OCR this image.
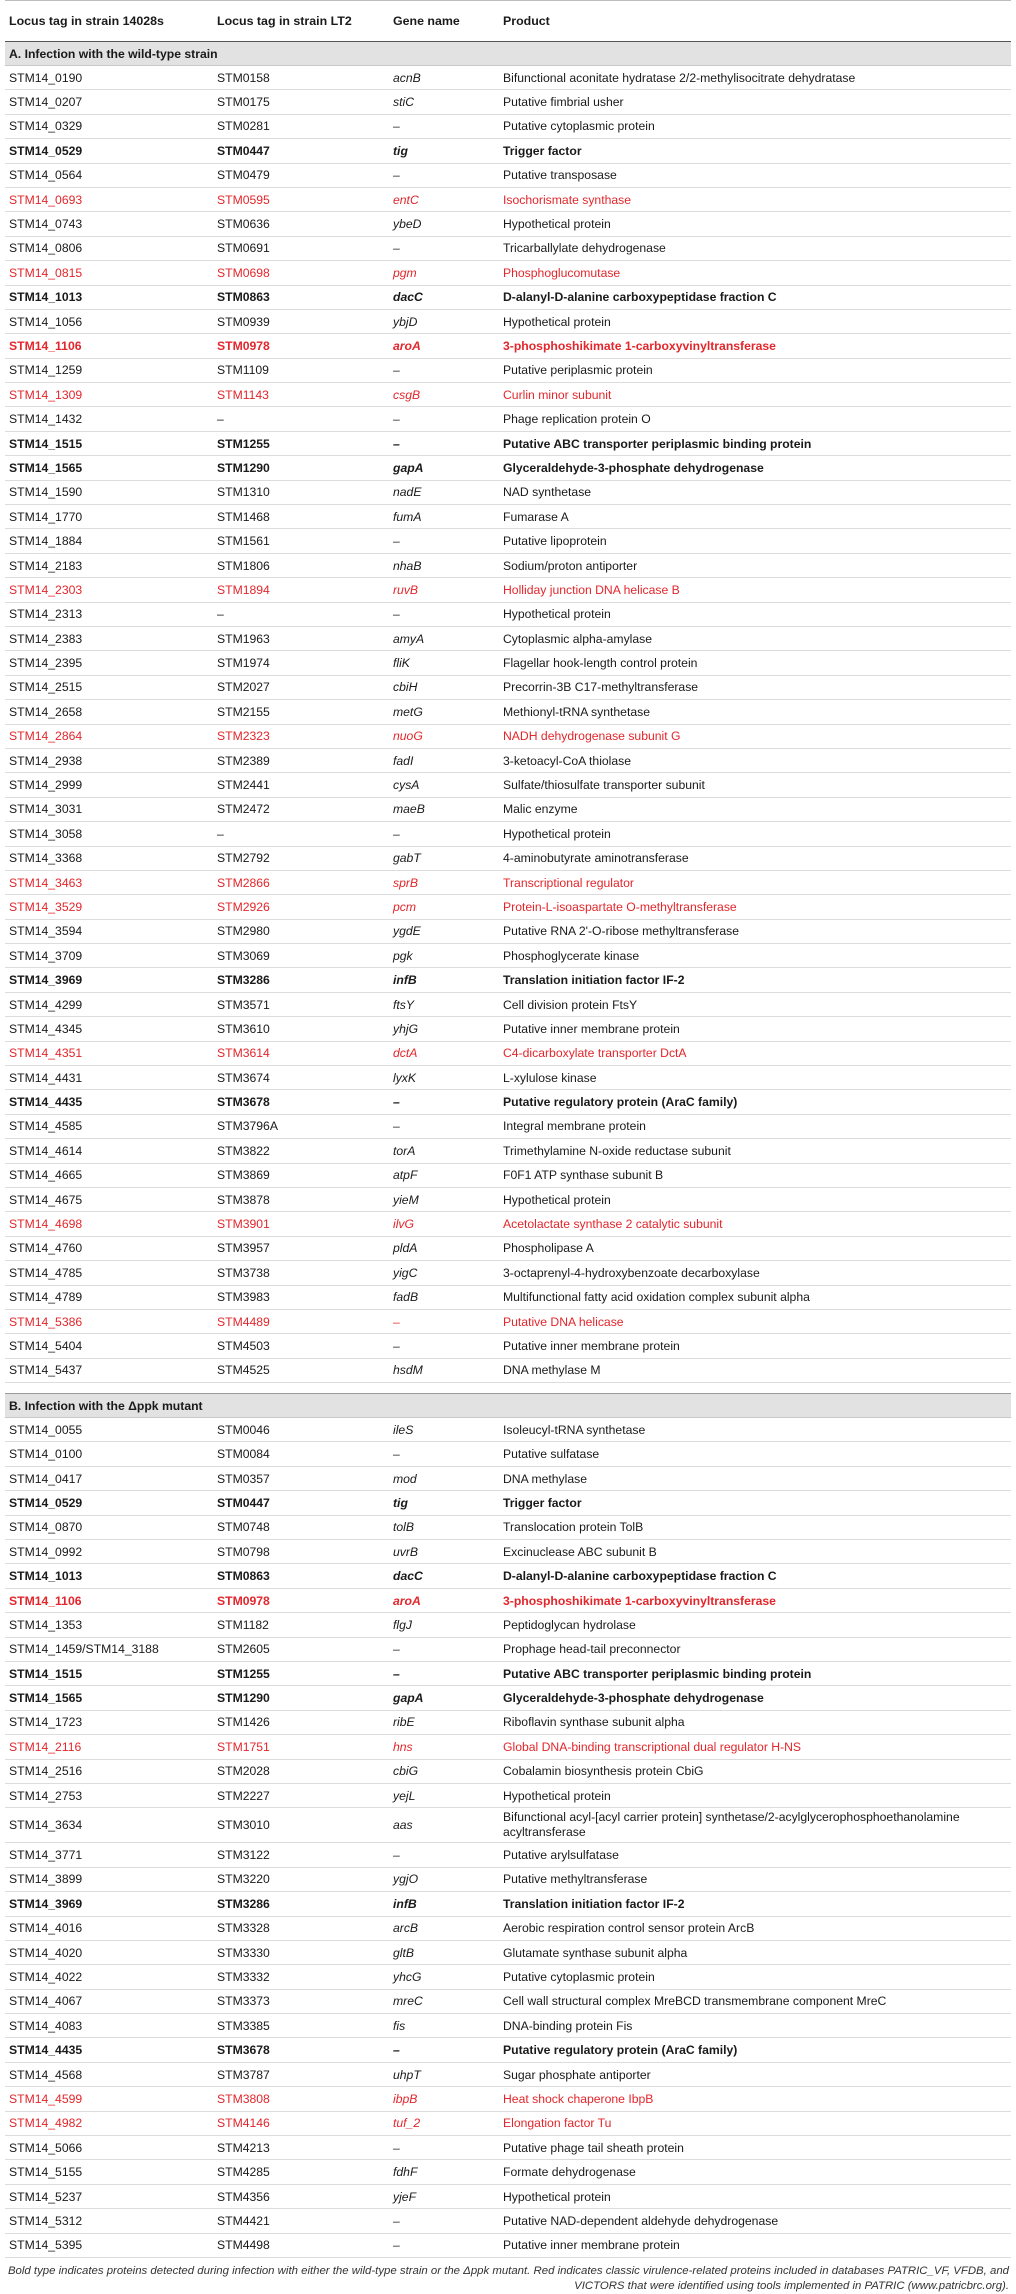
Locus tag in strain 14028s	Locus tag in strain LT2	Gene name	Product
A. Infection with the wild-type strain			
STM14_0190	STM0158	acnB	Bifunctional aconitate hydratase 2/2-methylisocitrate dehydratase
STM14_0207	STM0175	stiC	Putative fimbrial usher
STM14_0329	STM0281	–	Putative cytoplasmic protein
STM14_0529	STM0447	tig	Trigger factor
STM14_0564	STM0479	–	Putative transposase
STM14_0693	STM0595	entC	Isochorismate synthase
STM14_0743	STM0636	ybeD	Hypothetical protein
STM14_0806	STM0691	–	Tricarballylate dehydrogenase
STM14_0815	STM0698	pgm	Phosphoglucomutase
STM14_1013	STM0863	dacC	D-alanyl-D-alanine carboxypeptidase fraction C
STM14_1056	STM0939	ybjD	Hypothetical protein
STM14_1106	STM0978	aroA	3-phosphoshikimate 1-carboxyvinyltransferase
STM14_1259	STM1109	–	Putative periplasmic protein
STM14_1309	STM1143	csgB	Curlin minor subunit
STM14_1432	–	–	Phage replication protein O
STM14_1515	STM1255	–	Putative ABC transporter periplasmic binding protein
STM14_1565	STM1290	gapA	Glyceraldehyde-3-phosphate dehydrogenase
STM14_1590	STM1310	nadE	NAD synthetase
STM14_1770	STM1468	fumA	Fumarase A
STM14_1884	STM1561	–	Putative lipoprotein
STM14_2183	STM1806	nhaB	Sodium/proton antiporter
STM14_2303	STM1894	ruvB	Holliday junction DNA helicase B
STM14_2313	–	–	Hypothetical protein
STM14_2383	STM1963	amyA	Cytoplasmic alpha-amylase
STM14_2395	STM1974	fliK	Flagellar hook-length control protein
STM14_2515	STM2027	cbiH	Precorrin-3B C17-methyltransferase
STM14_2658	STM2155	metG	Methionyl-tRNA synthetase
STM14_2864	STM2323	nuoG	NADH dehydrogenase subunit G
STM14_2938	STM2389	fadI	3-ketoacyl-CoA thiolase
STM14_2999	STM2441	cysA	Sulfate/thiosulfate transporter subunit
STM14_3031	STM2472	maeB	Malic enzyme
STM14_3058	–	–	Hypothetical protein
STM14_3368	STM2792	gabT	4-aminobutyrate aminotransferase
STM14_3463	STM2866	sprB	Transcriptional regulator
STM14_3529	STM2926	pcm	Protein-L-isoaspartate O-methyltransferase
STM14_3594	STM2980	ygdE	Putative RNA 2'-O-ribose methyltransferase
STM14_3709	STM3069	pgk	Phosphoglycerate kinase
STM14_3969	STM3286	infB	Translation initiation factor IF-2
STM14_4299	STM3571	ftsY	Cell division protein FtsY
STM14_4345	STM3610	yhjG	Putative inner membrane protein
STM14_4351	STM3614	dctA	C4-dicarboxylate transporter DctA
STM14_4431	STM3674	lyxK	L-xylulose kinase
STM14_4435	STM3678	–	Putative regulatory protein (AraC family)
STM14_4585	STM3796A	–	Integral membrane protein
STM14_4614	STM3822	torA	Trimethylamine N-oxide reductase subunit
STM14_4665	STM3869	atpF	F0F1 ATP synthase subunit B
STM14_4675	STM3878	yieM	Hypothetical protein
STM14_4698	STM3901	ilvG	Acetolactate synthase 2 catalytic subunit
STM14_4760	STM3957	pldA	Phospholipase A
STM14_4785	STM3738	yigC	3-octaprenyl-4-hydroxybenzoate decarboxylase
STM14_4789	STM3983	fadB	Multifunctional fatty acid oxidation complex subunit alpha
STM14_5386	STM4489	–	Putative DNA helicase
STM14_5404	STM4503	–	Putative inner membrane protein
STM14_5437	STM4525	hsdM	DNA methylase M

B. Infection with the Δppk mutant			
STM14_0055	STM0046	ileS	Isoleucyl-tRNA synthetase
STM14_0100	STM0084	–	Putative sulfatase
STM14_0417	STM0357	mod	DNA methylase
STM14_0529	STM0447	tig	Trigger factor
STM14_0870	STM0748	tolB	Translocation protein TolB
STM14_0992	STM0798	uvrB	Excinuclease ABC subunit B
STM14_1013	STM0863	dacC	D-alanyl-D-alanine carboxypeptidase fraction C
STM14_1106	STM0978	aroA	3-phosphoshikimate 1-carboxyvinyltransferase
STM14_1353	STM1182	flgJ	Peptidoglycan hydrolase
STM14_1459/STM14_3188	STM2605	–	Prophage head-tail preconnector
STM14_1515	STM1255	–	Putative ABC transporter periplasmic binding protein
STM14_1565	STM1290	gapA	Glyceraldehyde-3-phosphate dehydrogenase
STM14_1723	STM1426	ribE	Riboflavin synthase subunit alpha
STM14_2116	STM1751	hns	Global DNA-binding transcriptional dual regulator H-NS
STM14_2516	STM2028	cbiG	Cobalamin biosynthesis protein CbiG
STM14_2753	STM2227	yejL	Hypothetical protein
STM14_3634	STM3010	aas	Bifunctional acyl-[acyl carrier protein] synthetase/2-acylglycerophosphoethanolamine acyltransferase
STM14_3771	STM3122	–	Putative arylsulfatase
STM14_3899	STM3220	ygjO	Putative methyltransferase
STM14_3969	STM3286	infB	Translation initiation factor IF-2
STM14_4016	STM3328	arcB	Aerobic respiration control sensor protein ArcB
STM14_4020	STM3330	gltB	Glutamate synthase subunit alpha
STM14_4022	STM3332	yhcG	Putative cytoplasmic protein
STM14_4067	STM3373	mreC	Cell wall structural complex MreBCD transmembrane component MreC
STM14_4083	STM3385	fis	DNA-binding protein Fis
STM14_4435	STM3678	–	Putative regulatory protein (AraC family)
STM14_4568	STM3787	uhpT	Sugar phosphate antiporter
STM14_4599	STM3808	ibpB	Heat shock chaperone IbpB
STM14_4982	STM4146	tuf_2	Elongation factor Tu
STM14_5066	STM4213	–	Putative phage tail sheath protein
STM14_5155	STM4285	fdhF	Formate dehydrogenase
STM14_5237	STM4356	yjeF	Hypothetical protein
STM14_5312	STM4421	–	Putative NAD-dependent aldehyde dehydrogenase
STM14_5395	STM4498	–	Putative inner membrane protein
Bold type indicates proteins detected during infection with either the wild-type strain or the Δppk mutant. Red indicates classic virulence-related proteins included in databases PATRIC_VF, VFDB, and VICTORS that were identified using tools implemented in PATRIC (www.patricbrc.org).			
